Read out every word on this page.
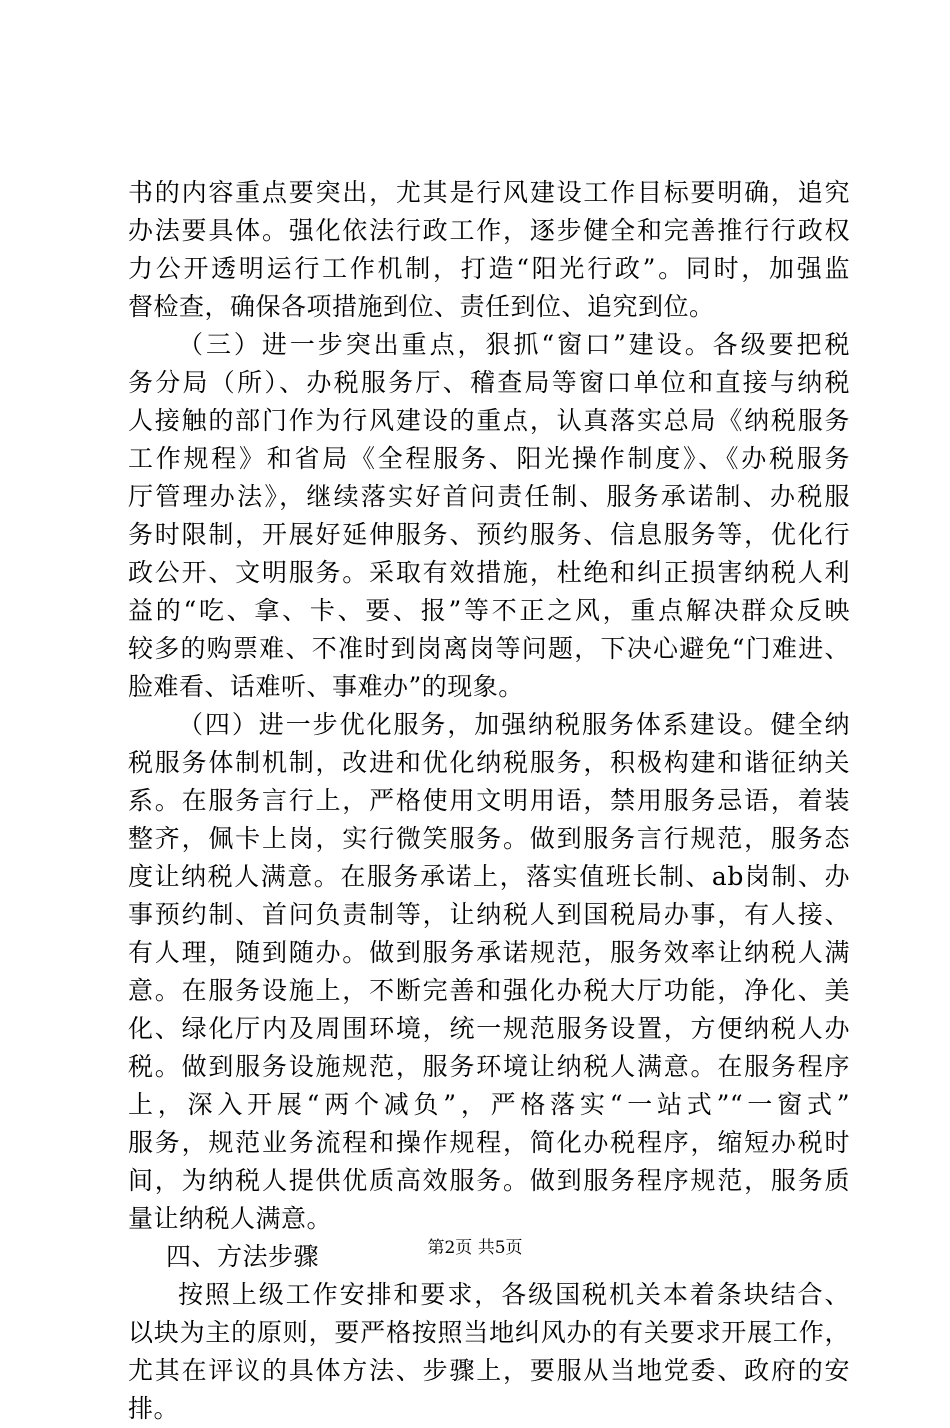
书的内容重点要突出，尤其是行风建设工作目标要明确，追究
办法要具体。强化依法行政工作，逐步健全和完善推行行政权
力公开透明运行工作机制，打造“阳光行政”。同时，加强监
督检查，确保各项措施到位、责任到位、追究到位。
（三）进一步突出重点，狠抓“窗口”建设。各级要把税
务分局（所）、办税服务厅、稽查局等窗口单位和直接与纳税
人接触的部门作为行风建设的重点，认真落实总局《纳税服务
工作规程》和省局《全程服务、阳光操作制度》、《办税服务
厅管理办法》，继续落实好首问责任制、服务承诺制、办税服
务时限制，开展好延伸服务、预约服务、信息服务等，优化行
政公开、文明服务。采取有效措施，杜绝和纠正损害纳税人利
益的“吃、拿、卡、要、报”等不正之风，重点解决群众反映
较多的购票难、不准时到岗离岗等问题，下决心避免“门难进、
脸难看、话难听、事难办”的现象。
（四）进一步优化服务，加强纳税服务体系建设。健全纳
税服务体制机制，改进和优化纳税服务，积极构建和谐征纳关
系。在服务言行上，严格使用文明用语，禁用服务忌语，着装
整齐，佩卡上岗，实行微笑服务。做到服务言行规范，服务态
度让纳税人满意。在服务承诺上，落实值班长制、ab岗制、办
事预约制、首问负责制等，让纳税人到国税局办事，有人接、
有人理，随到随办。做到服务承诺规范，服务效率让纳税人满
意。在服务设施上，不断完善和强化办税大厅功能，净化、美
化、绿化厅内及周围环境，统一规范服务设置，方便纳税人办
税。做到服务设施规范，服务环境让纳税人满意。在服务程序
上，深入开展“两个减负”，严格落实“一站式”“一窗式”
服务，规范业务流程和操作规程，简化办税程序，缩短办税时
间，为纳税人提供优质高效服务。做到服务程序规范，服务质
量让纳税人满意。
四、方法步骤
按照上级工作安排和要求，各级国税机关本着条块结合、
以块为主的原则，要严格按照当地纠风办的有关要求开展工作，
尤其在评议的具体方法、步骤上，要服从当地党委、政府的安
排。
第2页 共5页
